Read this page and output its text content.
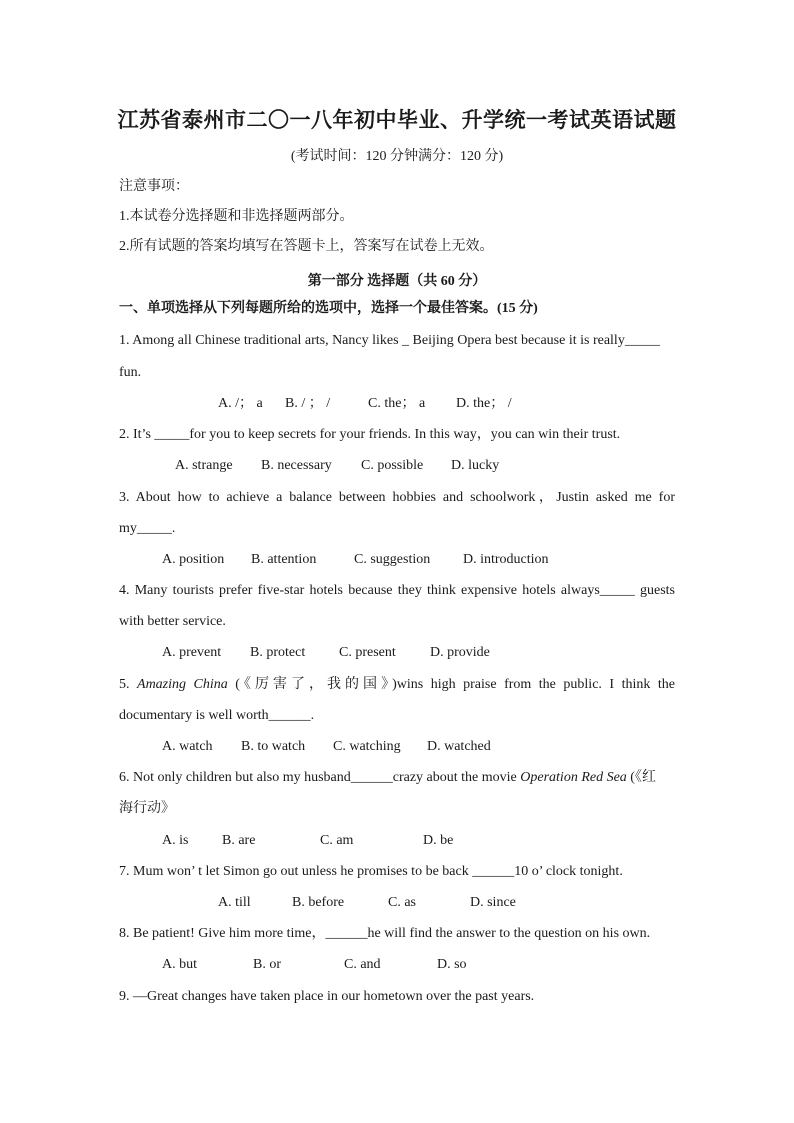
江苏省泰州市二〇一八年初中毕业、升学统一考试英语试题
(考试时间：120 分钟满分：120 分)
注意事项：
1.本试卷分选择题和非选择题两部分。
2.所有试题的答案均填写在答题卡上，答案写在试卷上无效。
第一部分 选择题（共 60 分）
一、单项选择从下列每题所给的选项中，选择一个最佳答案。(15 分)
1. Among all Chinese traditional arts, Nancy likes _ Beijing Opera best because it is really_____
fun.
A. /； a B. / ； /	C. the； a D. the； /
2. It’s _____for you to keep secrets for your friends. In this way，you can win their trust.
A. strange B. necessary C. possible D. lucky
3. About how to achieve a balance between hobbies and schoolwork，Justin asked me for
my_____.
A. position B. attention	C. suggestion D. introduction
4. Many tourists prefer five-star hotels because they think expensive hotels always_____ guests
with better service.
A. prevent B. protect C. present D. provide
5. Amazing China (《厉害了，我的国》)wins high praise from the public. I think the
documentary is well worth______.
A. watch B. to watch C. watching D. watched
6. Not only children but also my husband______crazy about the movie Operation Red Sea (《红
海行动》
A. is B. are	C. am	D. be
7. Mum won’ t let Simon go out unless he promises to be back ______10 o’ clock tonight.
A. till	B. before	C. as	D. since
8. Be patient! Give him more time，______he will find the answer to the question on his own.
A. but	B. or	C. and	D. so
9. —Great changes have taken place in our hometown over the past years.
